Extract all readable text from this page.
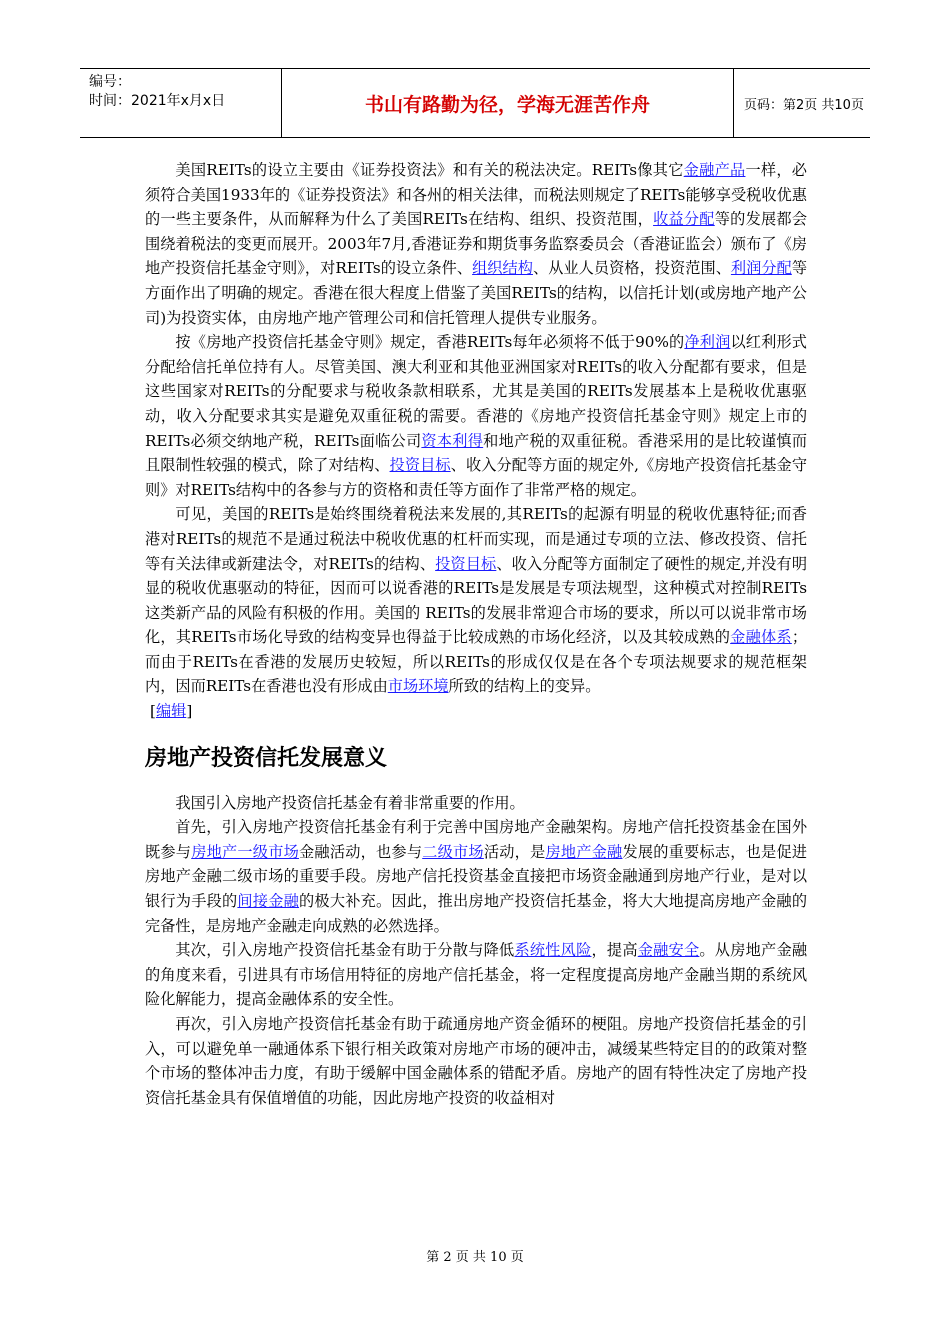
编号：
时间：2021年x月x日	书山有路勤为径，学海无涯苦作舟	页码：第2页 共10页

美国REITs的设立主要由《证券投资法》和有关的税法决定。REITs像其它金融产品一样，必须符合美国1933年的《证券投资法》和各州的相关法律，而税法则规定了REITs能够享受税收优惠的一些主要条件，从而解释为什么了美国REITs在结构、组织、投资范围，收益分配等的发展都会围绕着税法的变更而展开。2003年7月,香港证券和期货事务监察委员会（香港证监会）颁布了《房地产投资信托基金守则》，对REITs的设立条件、组织结构、从业人员资格，投资范围、利润分配等方面作出了明确的规定。香港在很大程度上借鉴了美国REITs的结构，以信托计划(或房地产地产公司)为投资实体，由房地产地产管理公司和信托管理人提供专业服务。

按《房地产投资信托基金守则》规定，香港REITs每年必须将不低于90%的净利润以红利形式分配给信托单位持有人。尽管美国、澳大利亚和其他亚洲国家对REITs的收入分配都有要求，但是这些国家对REITs的分配要求与税收条款相联系，尤其是美国的REITs发展基本上是税收优惠驱动，收入分配要求其实是避免双重征税的需要。香港的《房地产投资信托基金守则》规定上市的REITs必须交纳地产税，REITs面临公司资本利得和地产税的双重征税。香港采用的是比较谨慎而且限制性较强的模式，除了对结构、投资目标、收入分配等方面的规定外,《房地产投资信托基金守则》对REITs结构中的各参与方的资格和责任等方面作了非常严格的规定。

可见，美国的REITs是始终围绕着税法来发展的,其REITs的起源有明显的税收优惠特征;而香港对REITs的规范不是通过税法中税收优惠的杠杆而实现，而是通过专项的立法、修改投资、信托等有关法律或新建法令，对REITs的结构、投资目标、收入分配等方面制定了硬性的规定,并没有明显的税收优惠驱动的特征，因而可以说香港的REITs是发展是专项法规型，这种模式对控制REITs这类新产品的风险有积极的作用。美国的 REITs的发展非常迎合市场的要求，所以可以说非常市场化，其REITs市场化导致的结构变异也得益于比较成熟的市场化经济，以及其较成熟的金融体系；而由于REITs在香港的发展历史较短，所以REITs的形成仅仅是在各个专项法规要求的规范框架内，因而REITs在香港也没有形成由市场环境所致的结构上的变异。

[编辑]
房地产投资信托发展意义

我国引入房地产投资信托基金有着非常重要的作用。

首先，引入房地产投资信托基金有利于完善中国房地产金融架构。房地产信托投资基金在国外既参与房地产一级市场金融活动，也参与二级市场活动，是房地产金融发展的重要标志，也是促进房地产金融二级市场的重要手段。房地产信托投资基金直接把市场资金融通到房地产行业，是对以银行为手段的间接金融的极大补充。因此，推出房地产投资信托基金，将大大地提高房地产金融的完备性，是房地产金融走向成熟的必然选择。

其次，引入房地产投资信托基金有助于分散与降低系统性风险，提高金融安全。从房地产金融的角度来看，引进具有市场信用特征的房地产信托基金，将一定程度提高房地产金融当期的系统风险化解能力，提高金融体系的安全性。

再次，引入房地产投资信托基金有助于疏通房地产资金循环的梗阻。房地产投资信托基金的引入，可以避免单一融通体系下银行相关政策对房地产市场的硬冲击，减缓某些特定目的的政策对整个市场的整体冲击力度，有助于缓解中国金融体系的错配矛盾。房地产的固有特性决定了房地产投资信托基金具有保值增值的功能，因此房地产投资的收益相对

第 2 页 共 10 页
